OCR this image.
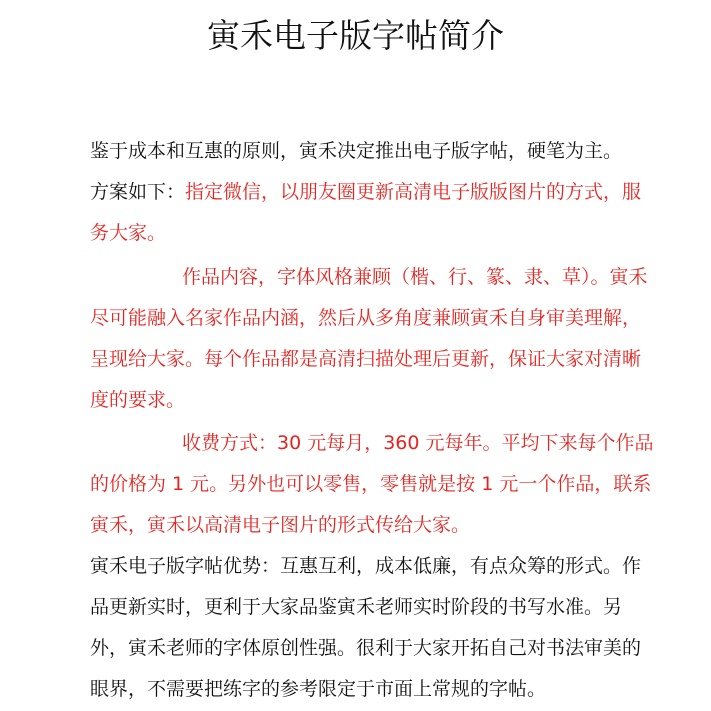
寅禾电子版字帖简介
鉴于成本和互惠的原则，寅禾决定推出电子版字帖，硬笔为主。
方案如下：指定微信，以朋友圈更新高清电子版版图片的方式，服
务大家。
作品内容，字体风格兼顾（楷、行、篆、隶、草）。寅禾
尽可能融入名家作品内涵，然后从多角度兼顾寅禾自身审美理解，
呈现给大家。每个作品都是高清扫描处理后更新，保证大家对清晰
度的要求。
收费方式：30 元每月，360 元每年。平均下来每个作品
的价格为 1 元。另外也可以零售，零售就是按 1 元一个作品，联系
寅禾，寅禾以高清电子图片的形式传给大家。
寅禾电子版字帖优势：互惠互利，成本低廉，有点众筹的形式。作
品更新实时，更利于大家品鉴寅禾老师实时阶段的书写水准。另
外，寅禾老师的字体原创性强。很利于大家开拓自己对书法审美的
眼界，不需要把练字的参考限定于市面上常规的字帖。
